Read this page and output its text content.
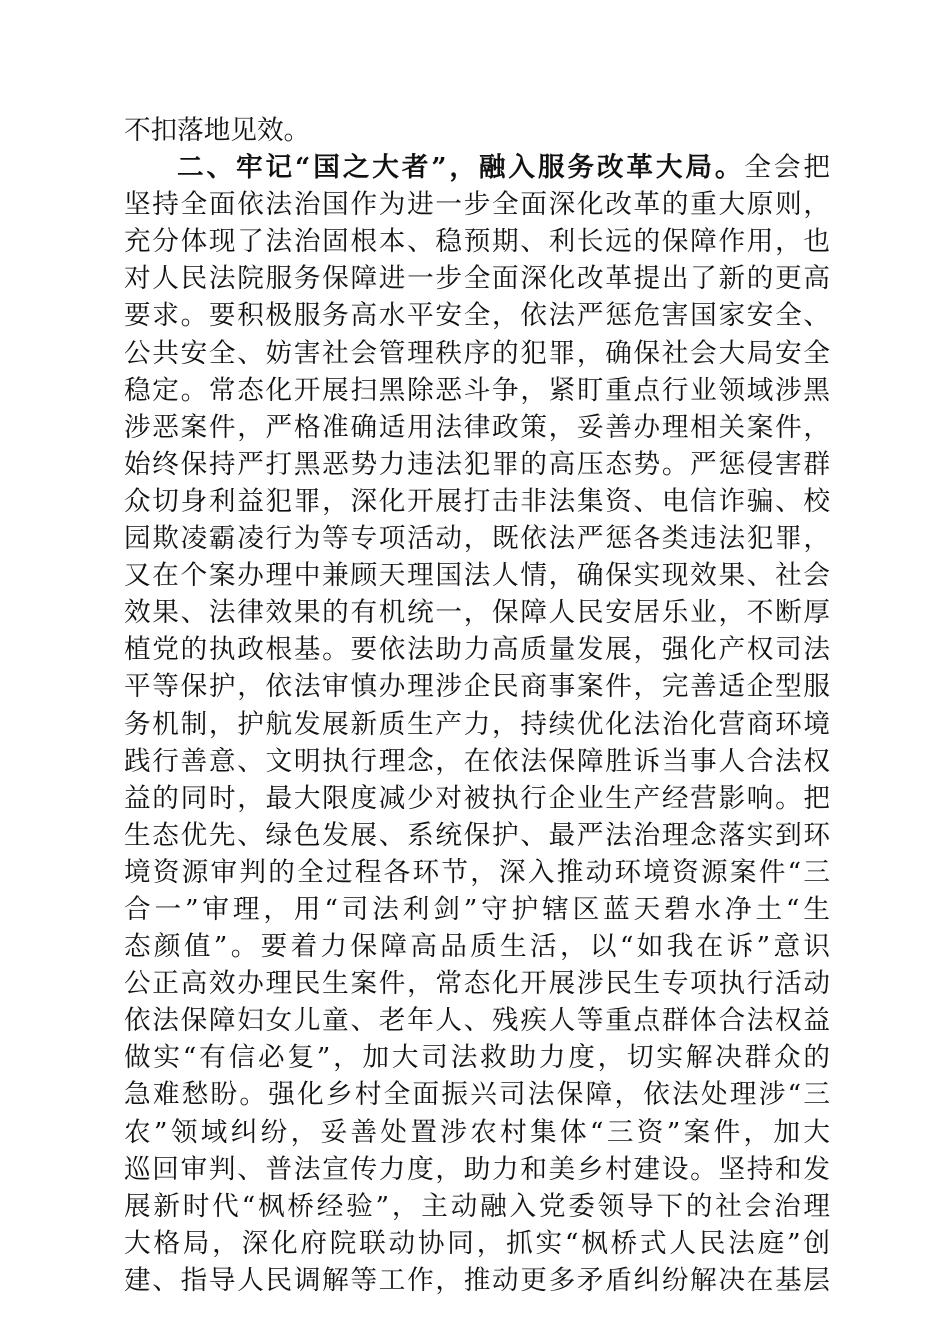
不扣落地见效。
二、牢记“国之大者”，融入服务改革大局。全会把
坚持全面依法治国作为进一步全面深化改革的重大原则，
充分体现了法治固根本、稳预期、利长远的保障作用，也
对人民法院服务保障进一步全面深化改革提出了新的更高
要求。要积极服务高水平安全，依法严惩危害国家安全、
公共安全、妨害社会管理秩序的犯罪，确保社会大局安全
稳定。常态化开展扫黑除恶斗争，紧盯重点行业领域涉黑
涉恶案件，严格准确适用法律政策，妥善办理相关案件，
始终保持严打黑恶势力违法犯罪的高压态势。严惩侵害群
众切身利益犯罪，深化开展打击非法集资、电信诈骗、校
园欺凌霸凌行为等专项活动，既依法严惩各类违法犯罪，
又在个案办理中兼顾天理国法人情，确保实现效果、社会
效果、法律效果的有机统一，保障人民安居乐业，不断厚
植党的执政根基。要依法助力高质量发展，强化产权司法
平等保护，依法审慎办理涉企民商事案件，完善适企型服
务机制，护航发展新质生产力，持续优化法治化营商环境
践行善意、文明执行理念，在依法保障胜诉当事人合法权
益的同时，最大限度减少对被执行企业生产经营影响。把
生态优先、绿色发展、系统保护、最严法治理念落实到环
境资源审判的全过程各环节，深入推动环境资源案件“三
合一”审理，用“司法利剑”守护辖区蓝天碧水净土“生
态颜值”。要着力保障高品质生活，以“如我在诉”意识
公正高效办理民生案件，常态化开展涉民生专项执行活动
依法保障妇女儿童、老年人、残疾人等重点群体合法权益
做实“有信必复”，加大司法救助力度，切实解决群众的
急难愁盼。强化乡村全面振兴司法保障，依法处理涉“三
农”领域纠纷，妥善处置涉农村集体“三资”案件，加大
巡回审判、普法宣传力度，助力和美乡村建设。坚持和发
展新时代“枫桥经验”，主动融入党委领导下的社会治理
大格局，深化府院联动协同，抓实“枫桥式人民法庭”创
建、指导人民调解等工作，推动更多矛盾纠纷解决在基层
